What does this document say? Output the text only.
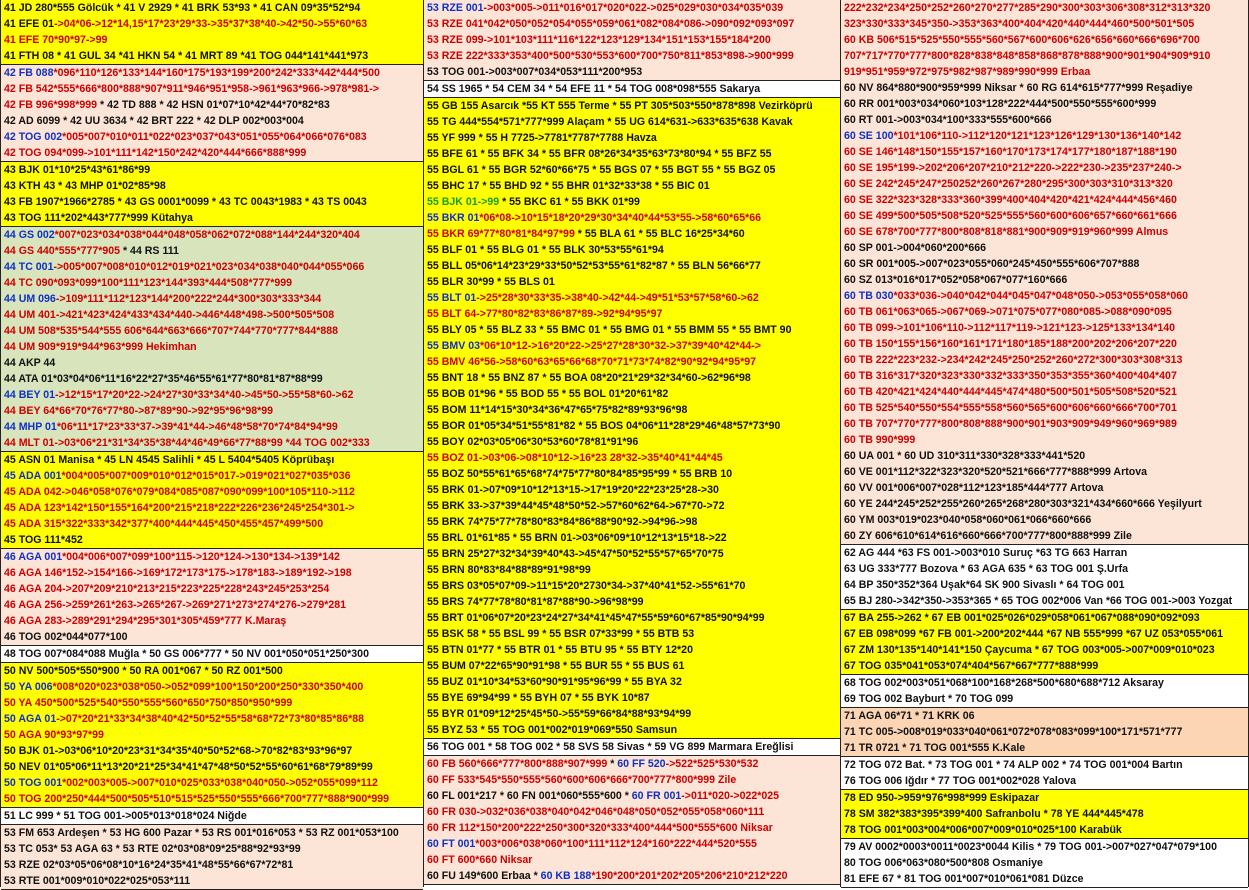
41 JD 280*555 Gölcük * 41 V 2929 * 41 BRK 53*93 * 41 CAN 09*35*52*94
41 EFE 01->04*06->12*14,15*17*23*29*33->35*37*38*40->42*50->55*60*63
41 EFE 70*90*97->99
41 FTH 08 * 41 GUL 34 *41 HKN 54 * 41 MRT 89 *41 TOG 044*141*441*973
42 FB 088*096*110*126*133*144*160*175*193*199*200*242*333*442*444*500
42 FB 542*555*666*800*888*907*911*946*951*958->961*963*966->978*981->
42 FB 996*998*999 * 42 TD 888 * 42 HSN 01*07*10*42*44*70*82*83
42 AD 6099 * 42 UU 3634 * 42 BRT 222 * 42 DLP 002*003*004
42 TOG 002*005*007*010*011*022*023*037*043*051*055*064*066*076*083
42 TOG 094*099->101*111*142*150*242*420*444*666*888*999
43 BJK 01*10*25*43*61*86*99
43 KTH 43 * 43 MHP 01*02*85*98
43 FB 1907*1966*2785 * 43 GS 0001*0099 * 43 TC 0043*1983 * 43 TS 0043
43 TOG 111*202*443*777*999 Kütahya
44 GS 002*007*023*034*038*044*048*058*062*072*088*144*244*320*404
44 GS 440*555*777*905 * 44 RS 111
44 TC 001->005*007*008*010*012*019*021*023*034*038*040*044*055*066
44 TC 090*093*099*100*111*123*144*393*444*508*777*999
44 UM 096->109*111*112*123*144*200*222*244*300*303*333*344
44 UM 401->421*423*424*433*434*440->446*448*498->500*505*508
44 UM 508*535*544*555 606*644*663*666*707*744*770*777*844*888
44 UM 909*919*944*963*999 Hekimhan
44 AKP 44
44 ATA 01*03*04*06*11*16*22*27*35*46*55*61*77*80*81*87*88*99
44 BEY 01->12*15*17*20*22->24*27*30*33*34*40->45*50->55*58*60->62
44 BEY 64*66*70*76*77*80->87*89*90->92*95*96*98*99
44 MHP 01*06*11*17*23*33*37->39*41*44->46*48*58*70*74*84*94*99
44 MLT 01->03*06*21*31*34*35*38*44*46*49*66*77*88*99 *44 TOG 002*333
45 ASN 01 Manisa * 45 LN 4545 Salihli * 45 L 5404*5405 Köprübaşı
45 ADA 001*004*005*007*009*010*012*015*017->019*021*027*035*036
45 ADA 042->046*058*076*079*084*085*087*090*099*100*105*110->112
45 ADA 123*142*150*155*164*200*215*218*222*226*236*245*254*301->
45 ADA 315*322*333*342*377*400*444*445*450*455*457*499*500
45 TOG 111*452
46 AGA 001*004*006*007*099*100*115->120*124->130*134->139*142
46 AGA 146*152->154*166->169*172*173*175->178*183->189*192->198
46 AGA 204->207*209*210*213*215*223*225*228*243*245*253*254
46 AGA 256->259*261*263->265*267->269*271*273*274*276->279*281
46 AGA 283->289*291*294*295*301*305*459*777 K.Maraş
46 TOG 002*044*077*100
48 TOG 007*084*088 Muğla * 50 GS 006*777 * 50 NV 001*050*051*250*300
50 NV 500*505*550*900 * 50 RA 001*067 * 50 RZ 001*500
50 YA 006*008*020*023*038*050->052*099*100*150*200*250*330*350*400
50 YA 450*500*525*540*550*555*560*650*750*850*950*999
50 AGA 01->07*20*21*33*34*38*40*42*50*52*55*58*68*72*73*80*85*86*88
50 AGA 90*93*97*99
50 BJK 01->03*06*10*20*23*31*34*35*40*50*52*68->70*82*83*93*96*97
50 NEV 01*05*06*11*13*20*21*25*34*41*47*48*50*52*55*60*61*68*79*89*99
50 TOG 001*002*003*005->007*010*025*033*038*040*050->052*055*099*112
50 TOG 200*250*444*500*505*510*515*525*550*555*666*700*777*888*900*999
51 LC 999 * 51 TOG 001->005*013*018*024 Niğde
53 FM 653 Ardeşen * 53 HG 600 Pazar * 53 RS 001*016*053 * 53 RZ 001*053*100
53 TC 053* 53 AGA 63 * 53 RTE 02*03*08*09*25*88*92*93*99
53 RZE 02*03*05*06*08*10*16*24*35*41*48*55*66*67*72*81
53 RTE 001*009*010*022*025*053*111
53 RZE 001->003*005->011*016*017*020*022->025*029*030*034*035*039
53 RZE 041*042*050*052*054*055*059*061*082*084*086->090*092*093*097
53 RZE 099->101*103*111*116*122*123*129*134*151*153*155*184*200
53 RZE 222*333*353*400*500*530*553*600*700*750*811*853*898->900*999
53 TOG 001->003*007*034*053*111*200*953
54 SS 1965 * 54 CEM 34 * 54 EFE 11 * 54 TOG 008*098*555 Sakarya
55 GB 155 Asarcık *55 KT 555 Terme * 55 PT 305*503*550*878*898 Vezirköprü
55 TG 444*554*571*777*999 Alaçam * 55 UG 614*631->633*635*638 Kavak
55 YF 999 * 55 H 7725->7781*7787*7788 Havza
55 BFE 61 * 55 BFK 34 * 55 BFR 08*26*34*35*63*73*80*94 * 55 BFZ 55
55 BGL 61 * 55 BGR 52*60*66*75 * 55 BGS 07 * 55 BGT 55 * 55 BGZ 05
55 BHC 17 * 55 BHD 92 * 55 BHR 01*32*33*38 * 55 BIC 01
55 BJK 01->99 * 55 BKC 61 * 55 BKK 01*99
55 BKR 01*06*08->10*15*18*20*29*30*34*40*44*53*55->58*60*65*66
55 BKR 69*77*80*81*84*97*99 * 55 BLA 61 * 55 BLC 16*25*34*60
55 BLF 01 * 55 BLG 01 * 55 BLK 30*53*55*61*94
55 BLL 05*06*14*23*29*33*50*52*53*55*61*82*87 * 55 BLN 56*66*77
55 BLR 30*99 * 55 BLS 01
55 BLT 01->25*28*30*33*35->38*40->42*44->49*51*53*57*58*60->62
55 BLT 64->77*80*82*83*86*87*89->92*94*95*97
55 BLY 05 * 55 BLZ 33 * 55 BMC 01 * 55 BMG 01 * 55 BMM 55 * 55 BMT 90
55 BMV 03*06*10*12->16*20*22->25*27*28*30*32->37*39*40*42*44->
55 BMV 46*56->58*60*63*65*66*68*70*71*73*74*82*90*92*94*95*97
55 BNT 18 * 55 BNZ 87 * 55 BOA 08*20*21*29*32*34*60->62*96*98
55 BOB 01*96 * 55 BOD 55 * 55 BOL 01*20*61*82
55 BOM 11*14*15*30*34*36*47*65*75*82*89*93*96*98
55 BOR 01*05*34*51*55*81*82 * 55 BOS 04*06*11*28*29*46*48*57*73*90
55 BOY 02*03*05*06*30*53*60*78*81*91*96
55 BOZ 01->03*06->08*10*12->16*23 28*32->35*40*41*44*45
55 BOZ 50*55*61*65*68*74*75*77*80*84*85*95*99 * 55 BRB 10
55 BRK 01->07*09*10*12*13*15->17*19*20*22*23*25*28->30
55 BRK 33->37*39*44*45*48*50*52->57*60*62*64->67*70->72
55 BRK 74*75*77*78*80*83*84*86*88*90*92->94*96->98
55 BRL 01*61*85 * 55 BRN 01->03*06*09*10*12*13*15*18->22
55 BRN 25*27*32*34*39*40*43->45*47*50*52*55*57*65*70*75
55 BRN 80*83*84*88*89*91*98*99
55 BRS 03*05*07*09->11*15*20*2730*34->37*40*41*52->55*61*70
55 BRS 74*77*78*80*81*87*88*90->96*98*99
55 BRT 01*06*07*20*23*24*27*34*41*45*47*55*59*60*67*85*90*94*99
55 BSK 58 * 55 BSL 99 * 55 BSR 07*33*99 * 55 BTB 53
55 BTN 01*77 * 55 BTR 01 * 55 BTU 95 * 55 BTY 12*20
55 BUM 07*22*65*90*91*98 * 55 BUR 55 * 55 BUS 61
55 BUZ 01*10*34*53*60*90*91*95*96*99 * 55 BYA 32
55 BYE 69*94*99 * 55 BYH 07 * 55 BYK 10*87
55 BYR 01*09*12*25*45*50->55*59*66*84*88*93*94*99
55 BYZ 53 * 55 TOG 001*002*019*069*550 Samsun
56 TOG 001 * 58 TOG 002 * 58 SVS 58 Sivas * 59 VG 899 Marmara Ereğlisi
60 FB 560*666*777*800*888*907*999 * 60 FF 520->522*525*530*532
60 FF 533*545*550*555*560*600*606*666*700*777*800*999 Zile
60 FL 001*217 * 60 FN 001*060*555*600 * 60 FR 001->011*020->022*025
60 FR 030->032*036*038*040*042*046*048*050*052*055*058*060*111
60 FR 112*150*200*222*250*300*320*333*400*444*500*555*600 Niksar
60 FT 001*003*006*038*060*100*111*112*124*160*222*444*520*555
60 FT 600*660 Niksar
60 FU 149*600 Erbaa * 60 KB 188*190*200*201*202*205*206*210*212*220
222*232*234*250*252*260*270*277*285*290*300*303*306*308*312*313*320
323*330*333*345*350->353*363*400*404*420*440*444*460*500*501*505
60 KB 506*515*525*550*555*560*567*600*606*626*656*660*666*696*700
707*717*770*777*800*828*838*848*858*868*878*888*900*901*904*909*910
919*951*959*972*975*982*987*989*990*999 Erbaa
60 NV 864*880*900*959*999 Niksar * 60 RG 614*615*777*999 Reşadiye
60 RR 001*003*034*060*103*128*222*444*500*550*555*600*999
60 RT 001->003*034*100*333*555*600*666
60 SE 100*101*106*110->112*120*121*123*126*129*130*136*140*142
60 SE 146*148*150*155*157*160*170*173*174*177*180*187*188*190
60 SE 195*199->202*206*207*210*212*220->222*230->235*237*240->
60 SE 242*245*247*250252*260*267*280*295*300*303*310*313*320
60 SE 322*323*328*333*360*399*400*404*420*421*424*444*456*460
60 SE 499*500*505*508*520*525*555*560*600*606*657*660*661*666
60 SE 678*700*777*800*808*818*881*900*909*919*960*999 Almus
60 SP 001->004*060*200*666
60 SR 001*005->007*023*055*060*245*450*555*606*707*888
60 SZ 013*016*017*052*058*067*077*160*666
60 TB 030*033*036->040*042*044*045*047*048*050->053*055*058*060
60 TB 061*063*065->067*069->071*075*077*080*085->088*090*095
60 TB 099->101*106*110->112*117*119->121*123->125*133*134*140
60 TB 150*155*156*160*161*171*180*185*188*200*202*206*207*220
60 TB 222*223*232->234*242*245*250*252*260*272*300*303*308*313
60 TB 316*317*320*323*330*332*333*350*353*355*360*400*404*407
60 TB 420*421*424*440*444*445*474*480*500*501*505*508*520*521
60 TB 525*540*550*554*555*558*560*565*600*606*660*666*700*701
60 TB 707*770*777*800*808*888*900*901*903*909*949*960*969*989
60 TB 990*999
60 UA 001 * 60 UD 310*311*330*328*333*441*520
60 VE 001*112*322*323*320*520*521*666*777*888*999 Artova
60 VV 001*006*007*028*112*123*185*444*777 Artova
60 YE 244*245*252*255*260*265*268*280*303*321*434*660*666 Yeşilyurt
60 YM 003*019*023*040*058*060*061*066*660*666
60 ZY 606*610*614*616*660*666*700*777*800*888*999 Zile
62 AG 444 *63 FS 001->003*010 Suruç *63 TG 663 Harran
63 UG 333*777 Bozova * 63 AGA 635 * 63 TOG 001 Ş.Urfa
64 BP 350*352*364 Uşak*64 SK 900 Sivaslı * 64 TOG 001
65 BJ 280->342*350->353*365 * 65 TOG 002*006 Van *66 TOG 001->003 Yozgat
67 BA 255->262 * 67 EB 001*025*026*029*058*061*067*088*090*092*093
67 EB 098*099 *67 FB 001->200*202*444 *67 NB 555*999 *67 UZ 053*055*061
67 ZM 130*135*140*141*150 Çaycuma * 67 TOG 003*005->007*009*010*023
67 TOG 035*041*053*074*404*567*667*777*888*999
68 TOG 002*003*051*068*100*168*268*500*680*688*712 Aksaray
69 TOG 002 Bayburt * 70 TOG 099
71 AGA 06*71 * 71 KRK 06
71 TC 005->008*019*033*040*061*072*078*083*099*100*171*571*777
71 TR 0721 * 71 TOG 001*555 K.Kale
72 TOG 072 Bat. * 73 TOG 001 * 74 ALP 002 * 74 TOG 001*004 Bartın
76 TOG 006 Iğdır * 77 TOG 001*002*028 Yalova
78 ED 950->959*976*998*999 Eskipazar
78 SM 382*383*395*399*400 Safranbolu * 78 YE 444*445*478
78 TOG 001*003*004*006*007*009*010*025*100 Karabük
79 AV 0002*0003*0011*0023*0044 Kilis * 79 TOG 001->007*027*047*079*100
80 TOG 006*063*080*500*808 Osmaniye
81 EFE 67 * 81 TOG 001*007*010*061*081 Düzce
